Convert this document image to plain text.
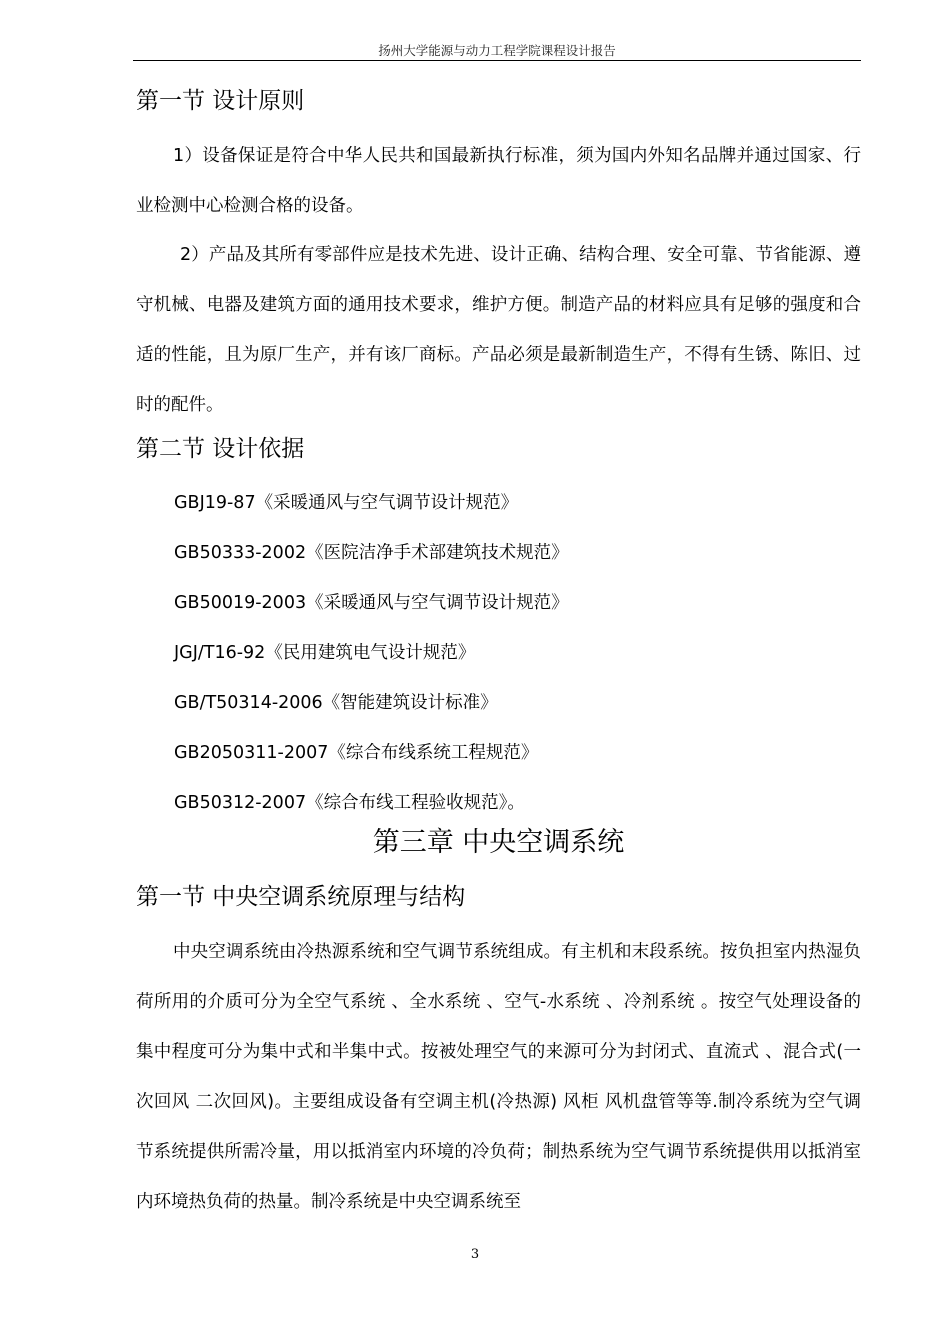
扬州大学能源与动力工程学院课程设计报告
第一节 设计原则

1）设备保证是符合中华人民共和国最新执行标准，须为国内外知名品牌并通过国家、行业检测中心检测合格的设备。

2）产品及其所有零部件应是技术先进、设计正确、结构合理、安全可靠、节省能源、遵守机械、电器及建筑方面的通用技术要求，维护方便。制造产品的材料应具有足够的强度和合适的性能，且为原厂生产，并有该厂商标。产品必须是最新制造生产，不得有生锈、陈旧、过时的配件。

第二节 设计依据
GBJ19-87《采暖通风与空气调节设计规范》
GB50333-2002《医院洁净手术部建筑技术规范》
GB50019-2003《采暖通风与空气调节设计规范》
JGJ/T16-92《民用建筑电气设计规范》
GB/T50314-2006《智能建筑设计标准》
GB2050311-2007《综合布线系统工程规范》
GB50312-2007《综合布线工程验收规范》。
第三章 中央空调系统
第一节 中央空调系统原理与结构

中央空调系统由冷热源系统和空气调节系统组成。有主机和末段系统。按负担室内热湿负荷所用的介质可分为全空气系统 、全水系统 、空气-水系统 、冷剂系统 。按空气处理设备的集中程度可分为集中式和半集中式。按被处理空气的来源可分为封闭式、直流式 、混合式(一次回风 二次回风)。主要组成设备有空调主机(冷热源) 风柜 风机盘管等等.制冷系统为空气调节系统提供所需冷量，用以抵消室内环境的冷负荷；制热系统为空气调节系统提供用以抵消室内环境热负荷的热量。制冷系统是中央空调系统至

3
